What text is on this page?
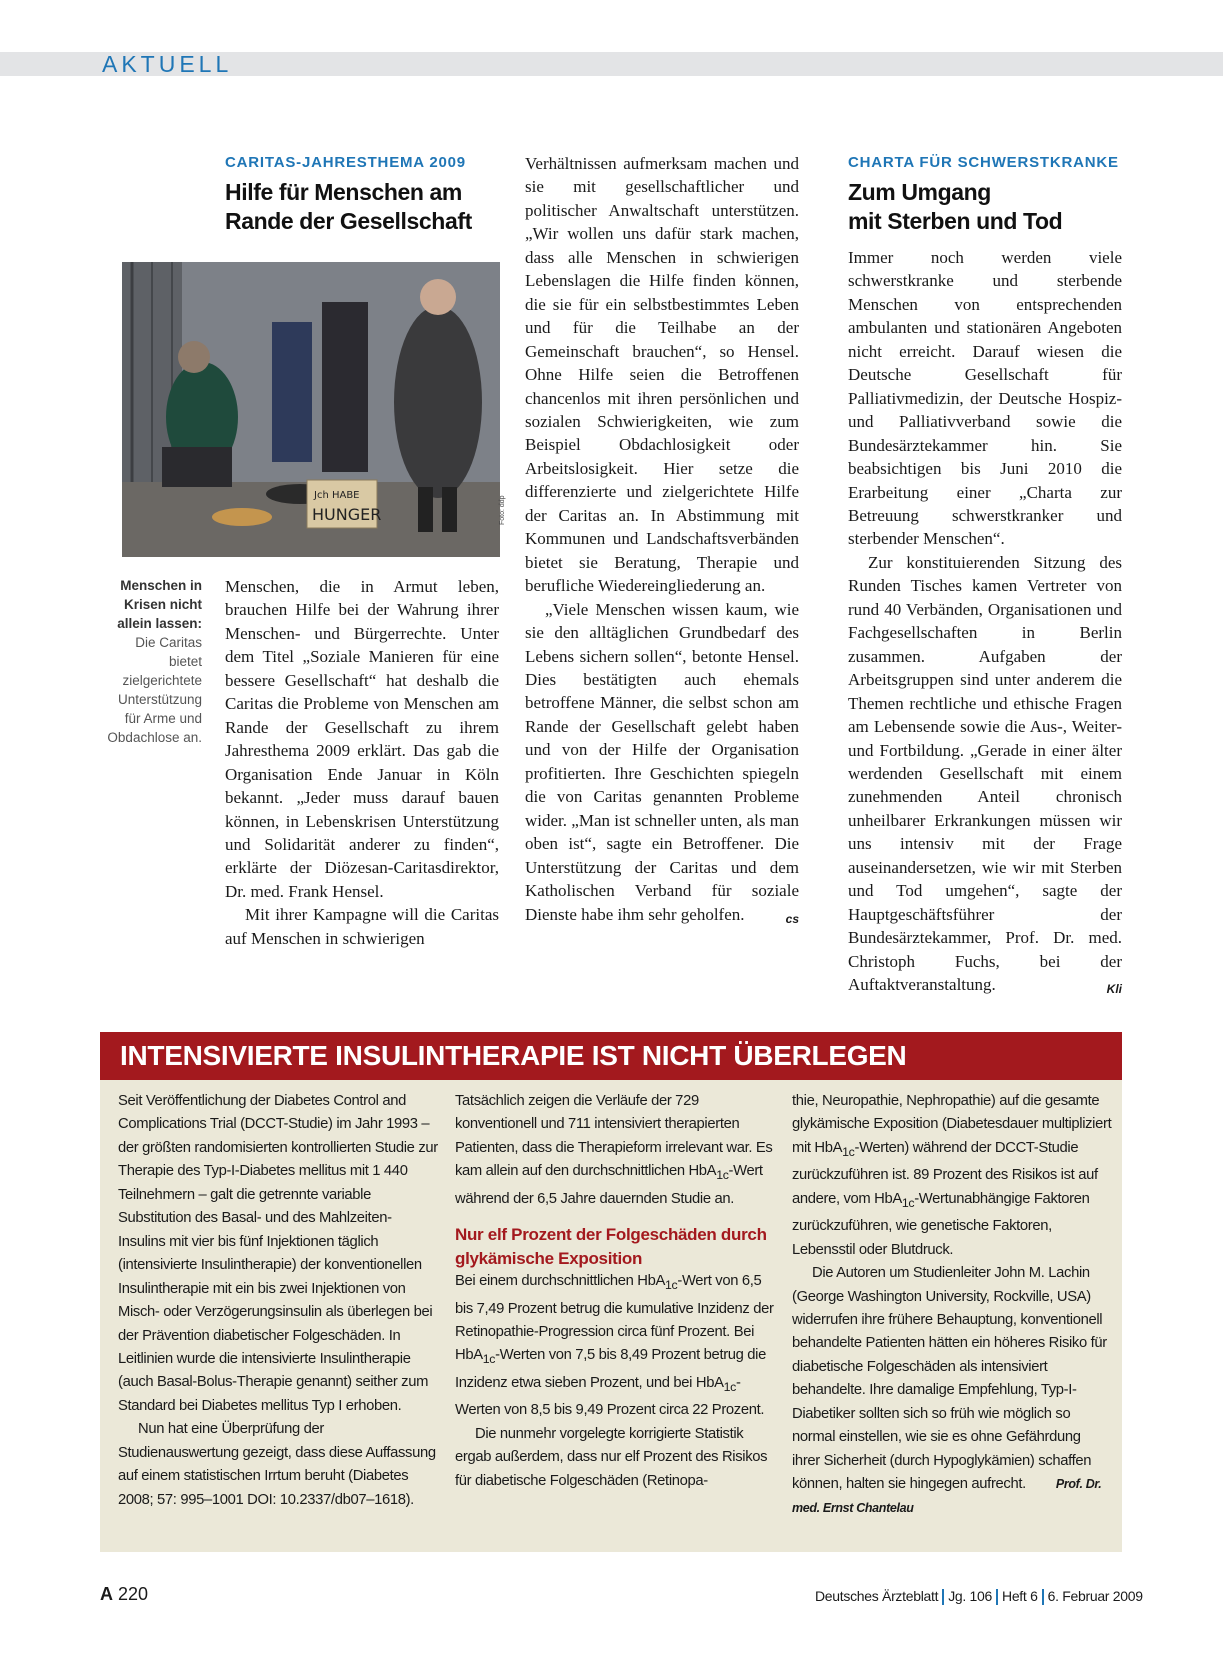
AKTUELL
CARITAS-JAHRESTHEMA 2009
Hilfe für Menschen am
Rande der Gesellschaft
Jch HABE
HUNGER	Foto: ddp
Menschen in Krisen nicht allein lassen: Die Caritas bietet zielgerichtete Unterstützung für Arme und Obdachlose an.

Menschen, die in Armut leben, brauchen Hilfe bei der Wahrung ihrer Menschen- und Bürgerrechte. Unter dem Titel „Soziale Manieren für eine bessere Gesellschaft“ hat deshalb die Caritas die Probleme von Menschen am Rande der Gesellschaft zu ihrem Jahresthema 2009 erklärt. Das gab die Organisation Ende Januar in Köln bekannt. „Jeder muss darauf bauen können, in Lebenskrisen Unterstützung und Solidarität anderer zu finden“, erklärte der Diözesan-Caritasdirektor, Dr. med. Frank Hensel.

Mit ihrer Kampagne will die Caritas auf Menschen in schwierigen

Verhältnissen aufmerksam machen und sie mit gesellschaftlicher und politischer Anwaltschaft unterstützen. „Wir wollen uns dafür stark machen, dass alle Menschen in schwierigen Lebenslagen die Hilfe finden können, die sie für ein selbstbestimmtes Leben und für die Teilhabe an der Gemeinschaft brauchen“, so Hensel. Ohne Hilfe seien die Betroffenen chancenlos mit ihren persönlichen und sozialen Schwierigkeiten, wie zum Beispiel Obdachlosigkeit oder Arbeitslosigkeit. Hier setze die differenzierte und zielgerichtete Hilfe der Caritas an. In Abstimmung mit Kommunen und Landschaftsverbänden bietet sie Beratung, Therapie und berufliche Wiedereingliederung an.

„Viele Menschen wissen kaum, wie sie den alltäglichen Grundbedarf des Lebens sichern sollen“, betonte Hensel. Dies bestätigten auch ehemals betroffene Männer, die selbst schon am Rande der Gesellschaft gelebt haben und von der Hilfe der Organisation profitierten. Ihre Geschichten spiegeln die von Caritas genannten Probleme wider. „Man ist schneller unten, als man oben ist“, sagte ein Betroffener. Die Unterstützung der Caritas und dem Katholischen Verband für soziale Dienste habe ihm sehr geholfen.	cs

CHARTA FÜR SCHWERSTKRANKE
Zum Umgang
mit Sterben und Tod

Immer noch werden viele schwerstkranke und sterbende Menschen von entsprechenden ambulanten und stationären Angeboten nicht erreicht. Darauf wiesen die Deutsche Gesellschaft für Palliativmedizin, der Deutsche Hospiz- und Palliativverband sowie die Bundesärztekammer hin. Sie beabsichtigen bis Juni 2010 die Erarbeitung einer „Charta zur Betreuung schwerstkranker und sterbender Menschen“.

Zur konstituierenden Sitzung des Runden Tisches kamen Vertreter von rund 40 Verbänden, Organisationen und Fachgesellschaften in Berlin zusammen. Aufgaben der Arbeitsgruppen sind unter anderem die Themen rechtliche und ethische Fragen am Lebensende sowie die Aus-, Weiter- und Fortbildung. „Gerade in einer älter werdenden Gesellschaft mit einem zunehmenden Anteil chronisch unheilbarer Erkrankungen müssen wir uns intensiv mit der Frage auseinandersetzen, wie wir mit Sterben und Tod umgehen“, sagte der Hauptgeschäftsführer der Bundesärztekammer, Prof. Dr. med. Christoph Fuchs, bei der Auftaktveranstaltung.	Kli

INTENSIVIERTE INSULINTHERAPIE IST NICHT ÜBERLEGEN

Seit Veröffentlichung der Diabetes Control and Complications Trial (DCCT-Studie) im Jahr 1993 – der größten randomisierten kontrollierten Studie zur Therapie des Typ-I-Diabetes mellitus mit 1 440 Teilnehmern – galt die getrennte variable Substitution des Basal- und des Mahlzeiten-Insulins mit vier bis fünf Injektionen täglich (intensivierte Insulintherapie) der konventionellen Insulintherapie mit ein bis zwei Injektionen von Misch- oder Verzögerungsinsulin als überlegen bei der Prävention diabetischer Folgeschäden. In Leitlinien wurde die intensivierte Insulintherapie (auch Basal-Bolus-Therapie genannt) seither zum Standard bei Diabetes mellitus Typ I erhoben.

Nun hat eine Überprüfung der Studienauswertung gezeigt, dass diese Auffassung auf einem statistischen Irrtum beruht (Diabetes 2008; 57: 995–1001 DOI: 10.2337/db07–1618).

Tatsächlich zeigen die Verläufe der 729 konventionell und 711 intensiviert therapierten Patienten, dass die Therapieform irrelevant war. Es kam allein auf den durchschnittlichen HbA$_{1c}$-Wert während der 6,5 Jahre dauernden Studie an.

Nur elf Prozent der Folgeschäden durch glykämische Exposition

Bei einem durchschnittlichen HbA$_{1c}$-Wert von 6,5 bis 7,49 Prozent betrug die kumulative Inzidenz der Retinopathie-Progression circa fünf Prozent. Bei HbA$_{1c}$-Werten von 7,5 bis 8,49 Prozent betrug die Inzidenz etwa sieben Prozent, und bei HbA$_{1c}$-Werten von 8,5 bis 9,49 Prozent circa 22 Prozent.

Die nunmehr vorgelegte korrigierte Statistik ergab außerdem, dass nur elf Prozent des Risikos für diabetische Folgeschäden (Retinopa-

thie, Neuropathie, Nephropathie) auf die gesamte glykämische Exposition (Diabetesdauer multipliziert mit HbA$_{1c}$-Werten) während der DCCT-Studie zurückzuführen ist. 89 Prozent des Risikos ist auf andere, vom HbA$_{1c}$-Wertunabhängige Faktoren zurückzuführen, wie genetische Faktoren, Lebensstil oder Blutdruck.

Die Autoren um Studienleiter John M. Lachin (George Washington University, Rockville, USA) widerrufen ihre frühere Behauptung, konventionell behandelte Patienten hätten ein höheres Risiko für diabetische Folgeschäden als intensiviert behandelte. Ihre damalige Empfehlung, Typ-I-Diabetiker sollten sich so früh wie möglich so normal einstellen, wie sie es ohne Gefährdung ihrer Sicherheit (durch Hypoglykämien) schaffen können, halten sie hingegen aufrecht. Prof. Dr. med. Ernst Chantelau

A 220	Deutsches Ärzteblatt Jg. 106 Heft 6 6. Februar 2009
